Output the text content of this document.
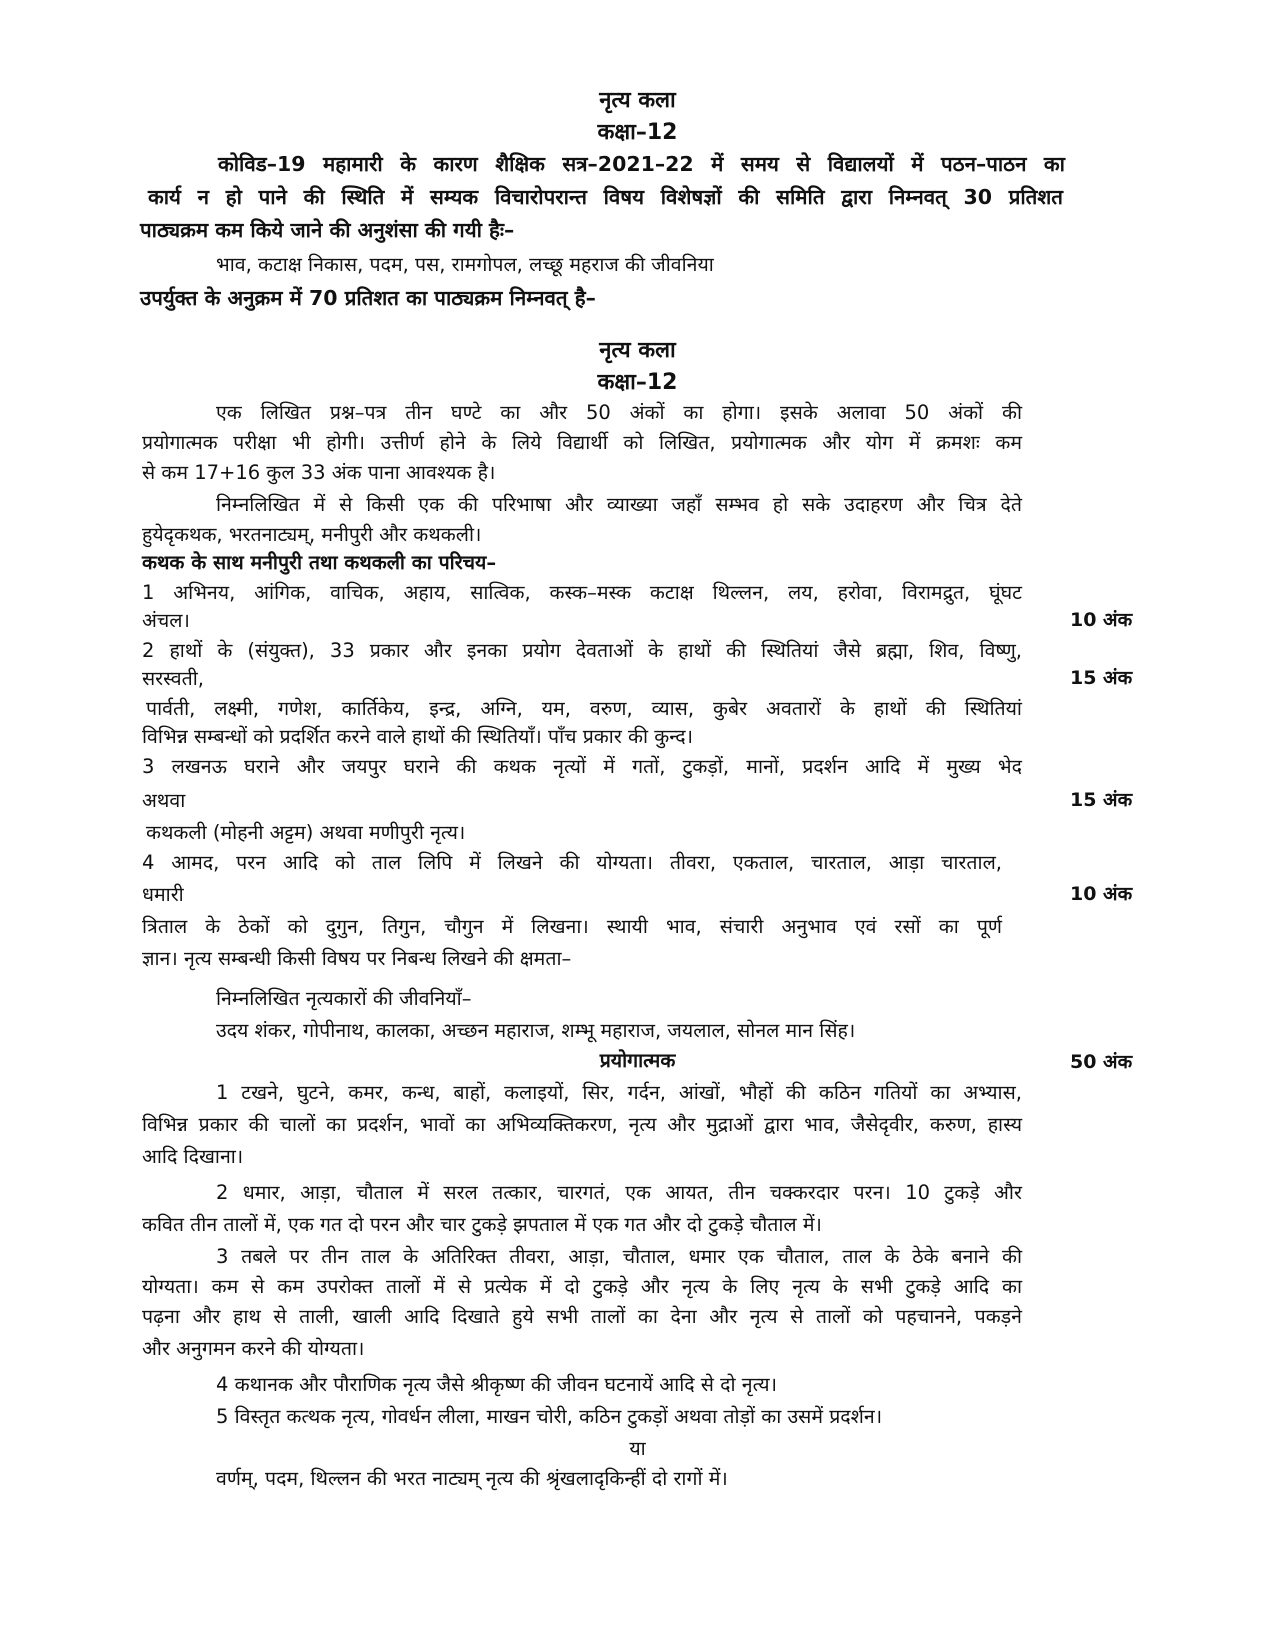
नृत्य कला
कक्षा–12
कोविड–19 महामारी के कारण शैक्षिक सत्र–2021–22 में समय से विद्यालयों में पठन–पाठन का
कार्य न हो पाने की स्थिति में सम्यक विचारोपरान्त विषय विशेषज्ञों की समिति द्वारा निम्नवत् 30 प्रतिशत
पाठ्यक्रम कम किये जाने की अनुशंसा की गयी हैः–
भाव, कटाक्ष निकास, पदम, पस, रामगोपल, लच्छू महराज की जीवनिया
उपर्युक्त के अनुक्रम में 70 प्रतिशत का पाठ्यक्रम निम्नवत् है–
नृत्य कला
कक्षा–12
एक लिखित प्रश्न–पत्र तीन घण्टे का और 50 अंकों का होगा। इसके अलावा 50 अंकों की
प्रयोगात्मक परीक्षा भी होगी। उत्तीर्ण होने के लिये विद्यार्थी को लिखित, प्रयोगात्मक और योग में क्रमशः कम
से कम 17+16 कुल 33 अंक पाना आवश्यक है।
निम्नलिखित में से किसी एक की परिभाषा और व्याख्या जहाँ सम्भव हो सके उदाहरण और चित्र देते
हुयेदृकथक, भरतनाट्यम्, मनीपुरी और कथकली।
कथक के साथ मनीपुरी तथा कथकली का परिचय–
1 अभिनय, आंगिक, वाचिक, अहाय, सात्विक, कस्क–मस्क कटाक्ष थिल्लन, लय, हरोवा, विरामद्रुत, घूंघट
अंचल।	10 अंक
2 हाथों के (संयुक्त), 33 प्रकार और इनका प्रयोग देवताओं के हाथों की स्थितियां जैसे ब्रह्मा, शिव, विष्णु,
सरस्वती,	15 अंक
पार्वती, लक्ष्मी, गणेश, कार्तिकेय, इन्द्र, अग्नि, यम, वरुण, व्यास, कुबेर अवतारों के हाथों की स्थितियां
विभिन्न सम्बन्धों को प्रदर्शित करने वाले हाथों की स्थितियाँ। पाँच प्रकार की कुन्द।
3 लखनऊ घराने और जयपुर घराने की कथक नृत्यों में गतों, टुकड़ों, मानों, प्रदर्शन आदि में मुख्य भेद
अथवा	15 अंक
कथकली (मोहनी अट्टम) अथवा मणीपुरी नृत्य।
4 आमद, परन आदि को ताल लिपि में लिखने की योग्यता। तीवरा, एकताल, चारताल, आड़ा चारताल,
धमारी	10 अंक
त्रिताल के ठेकों को दुगुन, तिगुन, चौगुन में लिखना। स्थायी भाव, संचारी अनुभाव एवं रसों का पूर्ण
ज्ञान। नृत्य सम्बन्धी किसी विषय पर निबन्ध लिखने की क्षमता–
निम्नलिखित नृत्यकारों की जीवनियाँ–
उदय शंकर, गोपीनाथ, कालका, अच्छन महाराज, शम्भू महाराज, जयलाल, सोनल मान सिंह।
प्रयोगात्मक	50 अंक
1 टखने, घुटने, कमर, कन्ध, बाहों, कलाइयों, सिर, गर्दन, आंखों, भौहों की कठिन गतियों का अभ्यास,
विभिन्न प्रकार की चालों का प्रदर्शन, भावों का अभिव्यक्तिकरण, नृत्य और मुद्राओं द्वारा भाव, जैसेदृवीर, करुण, हास्य
आदि दिखाना।
2 धमार, आड़ा, चौताल में सरल तत्कार, चारगतं, एक आयत, तीन चक्करदार परन। 10 टुकड़े और
कवित तीन तालों में, एक गत दो परन और चार टुकड़े झपताल में एक गत और दो टुकड़े चौताल में।
3 तबले पर तीन ताल के अतिरिक्त तीवरा, आड़ा, चौताल, धमार एक चौताल, ताल के ठेके बनाने की
योग्यता। कम से कम उपरोक्त तालों में से प्रत्येक में दो टुकड़े और नृत्य के लिए नृत्य के सभी टुकड़े आदि का
पढ़ना और हाथ से ताली, खाली आदि दिखाते हुये सभी तालों का देना और नृत्य से तालों को पहचानने, पकड़ने
और अनुगमन करने की योग्यता।
4 कथानक और पौराणिक नृत्य जैसे श्रीकृष्ण की जीवन घटनायें आदि से दो नृत्य।
5 विस्तृत कत्थक नृत्य, गोवर्धन लीला, माखन चोरी, कठिन टुकड़ों अथवा तोड़ों का उसमें प्रदर्शन।
या
वर्णम्, पदम, थिल्लन की भरत नाट्यम् नृत्य की श्रृंखलादृकिन्हीं दो रागों में।
